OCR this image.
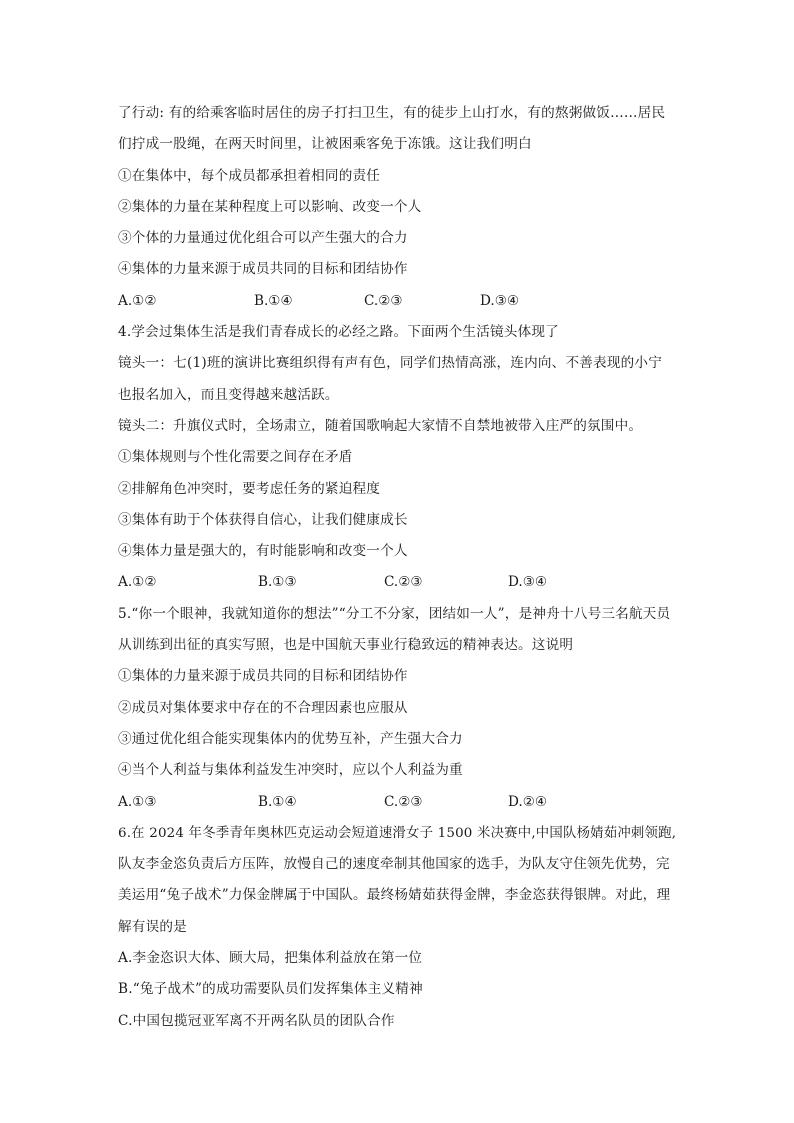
了行动: 有的给乘客临时居住的房子打扫卫生，有的徒步上山打水，有的熬粥做饭……居民
们拧成一股绳，在两天时间里，让被困乘客免于冻饿。这让我们明白
①在集体中，每个成员都承担着相同的责任
②集体的力量在某种程度上可以影响、改变一个人
③个体的力量通过优化组合可以产生强大的合力
④集体的力量来源于成员共同的目标和团结协作
A.①②	B.①④	C.②③	D.③④
4.学会过集体生活是我们青春成长的必经之路。下面两个生活镜头体现了
镜头一：七(1)班的演讲比赛组织得有声有色，同学们热情高涨，连内向、不善表现的小宁
也报名加入，而且变得越来越活跃。
镜头二：升旗仪式时，全场肃立，随着国歌响起大家情不自禁地被带入庄严的氛围中。
①集体规则与个性化需要之间存在矛盾
②排解角色冲突时，要考虑任务的紧迫程度
③集体有助于个体获得自信心，让我们健康成长
④集体力量是强大的，有时能影响和改变一个人
A.①②	B.①③	C.②③	D.③④
5.“你一个眼神，我就知道你的想法”“分工不分家，团结如一人”，是神舟十八号三名航天员
从训练到出征的真实写照，也是中国航天事业行稳致远的精神表达。这说明
①集体的力量来源于成员共同的目标和团结协作
②成员对集体要求中存在的不合理因素也应服从
③通过优化组合能实现集体内的优势互补，产生强大合力
④当个人利益与集体利益发生冲突时，应以个人利益为重
A.①③	B.①④	C.②③	D.②④
6.在 2024 年冬季青年奥林匹克运动会短道速滑女子 1500 米决赛中,中国队杨婧茹冲刺领跑,
队友李金恣负责后方压阵，放慢自己的速度牵制其他国家的选手，为队友守住领先优势，完
美运用“兔子战术”力保金牌属于中国队。最终杨婧茹获得金牌，李金恣获得银牌。对此，理
解有误的是
A.李金恣识大体、顾大局，把集体利益放在第一位
B.“兔子战术”的成功需要队员们发挥集体主义精神
C.中国包揽冠亚军离不开两名队员的团队合作
